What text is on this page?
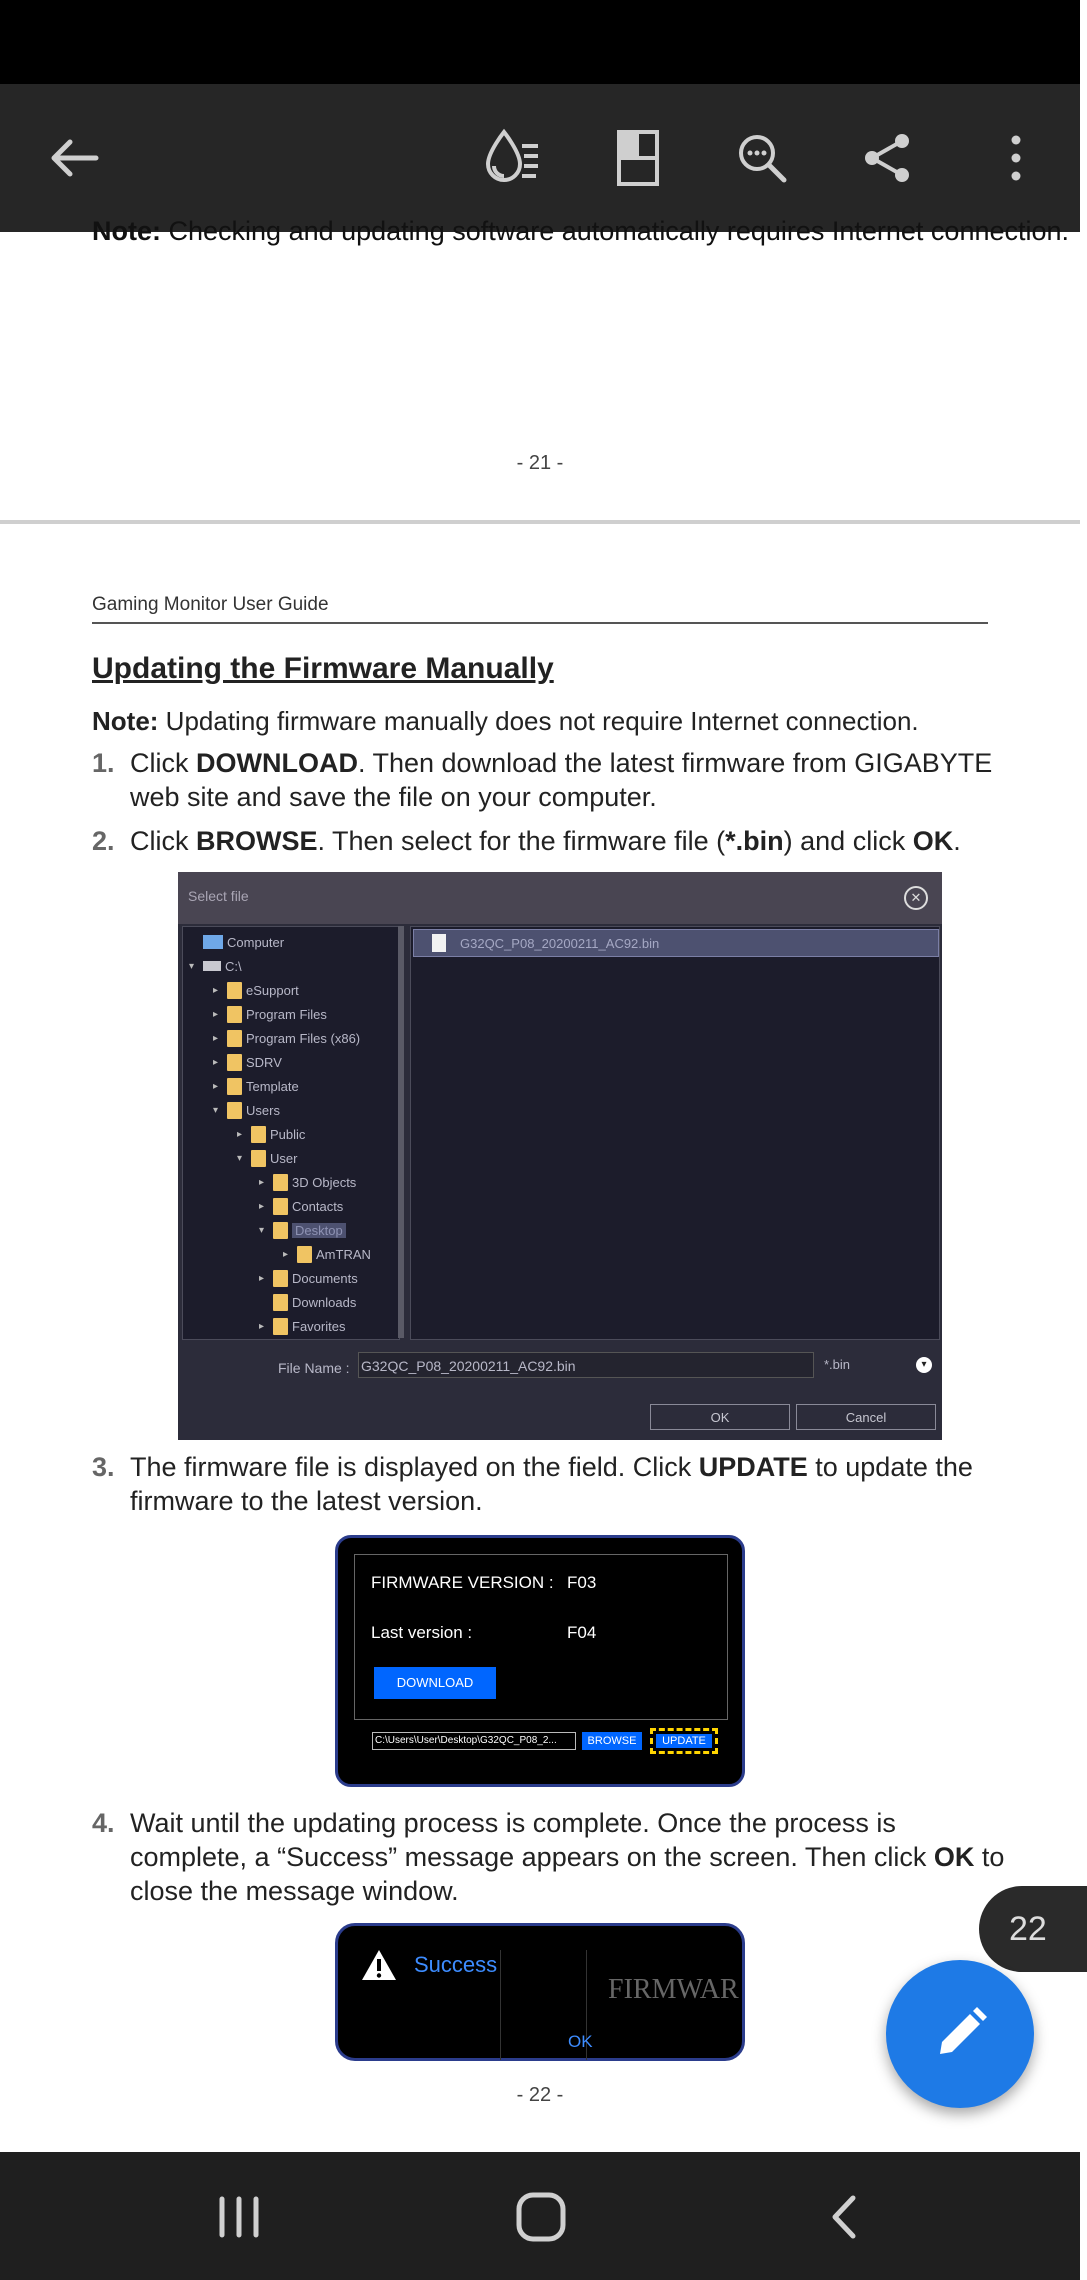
Note: Checking and updating software automatically requires Internet connection.
- 21 -
Gaming Monitor User Guide
Updating the Firmware Manually
Note: Updating firmware manually does not require Internet connection.
1. Click DOWNLOAD. Then download the latest firmware from GIGABYTE web site and save the file on your computer.
2. Click BROWSE. Then select for the firmware file (*.bin) and click OK.
Select file	✕
Computer
▾	C:\
▸	eSupport
▸	Program Files
▸	Program Files (x86)
▸	SDRV
▸	Template
▾	Users
▸	Public
▾	User
▸	3D Objects
▸	Contacts
▾	Desktop
▸	AmTRAN
▸	Documents
Downloads
▸	Favorites
G32QC_P08_20200211_AC92.bin
File Name : G32QC_P08_20200211_AC92.bin	*.bin	▾
OK	Cancel
3. The firmware file is displayed on the field. Click UPDATE to update the firmware to the latest version.
FIRMWARE VERSION : F03
Last version :	F04
DOWNLOAD
C:\Users\User\Desktop\G32QC_P08_2...	BROWSE	UPDATE
4. Wait until the updating process is complete. Once the process is complete, a “Success” message appears on the screen. Then click OK to close the message window.
Success
FIRMWAR
OK
- 22 -
22
